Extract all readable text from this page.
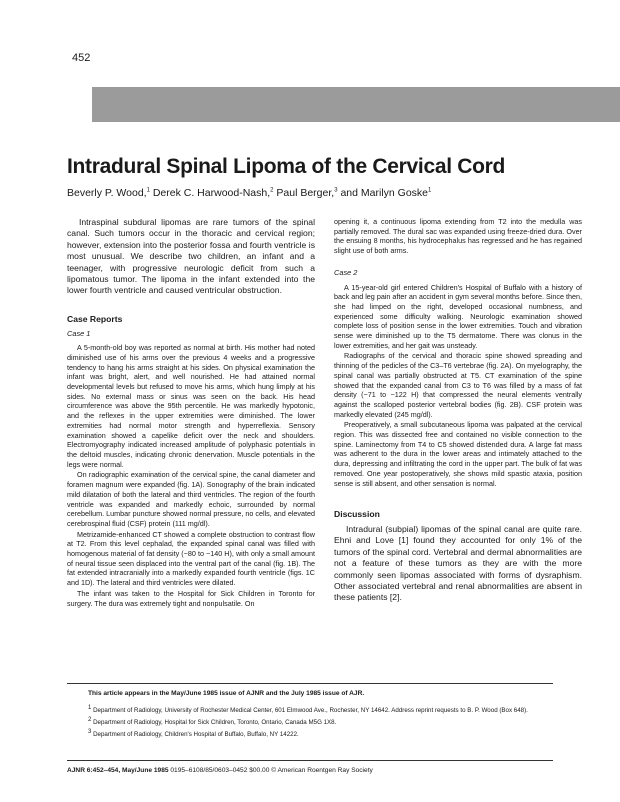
452
Intradural Spinal Lipoma of the Cervical Cord
Beverly P. Wood,$^1$ Derek C. Harwood-Nash,$^2$ Paul Berger,$^3$ and Marilyn Goske$^1$

Intraspinal subdural lipomas are rare tumors of the spinal canal. Such tumors occur in the thoracic and cervical region; however, extension into the posterior fossa and fourth ventricle is most unusual. We describe two children, an infant and a teenager, with progressive neurologic deficit from such a lipomatous tumor. The lipoma in the infant extended into the lower fourth ventricle and caused ventricular obstruction.

Case Reports
Case 1

A 5-month-old boy was reported as normal at birth. His mother had noted diminished use of his arms over the previous 4 weeks and a progressive tendency to hang his arms straight at his sides. On physical examination the infant was bright, alert, and well nourished. He had attained normal developmental levels but refused to move his arms, which hung limply at his sides. No external mass or sinus was seen on the back. His head circumference was above the 95th percentile. He was markedly hypotonic, and the reflexes in the upper extremities were diminished. The lower extremities had normal motor strength and hyperreflexia. Sensory examination showed a capelike deficit over the neck and shoulders. Electromyography indicated increased amplitude of polyphasic potentials in the deltoid muscles, indicating chronic denervation. Muscle potentials in the legs were normal.

On radiographic examination of the cervical spine, the canal diameter and foramen magnum were expanded (fig. 1A). Sonography of the brain indicated mild dilatation of both the lateral and third ventricles. The region of the fourth ventricle was expanded and markedly echoic, surrounded by normal cerebellum. Lumbar puncture showed normal pressure, no cells, and elevated cerebrospinal fluid (CSF) protein (111 mg/dl).

Metrizamide-enhanced CT showed a complete obstruction to contrast flow at T2. From this level cephalad, the expanded spinal canal was filled with homogenous material of fat density (−80 to −140 H), with only a small amount of neural tissue seen displaced into the ventral part of the canal (fig. 1B). The fat extended intracranially into a markedly expanded fourth ventricle (figs. 1C and 1D). The lateral and third ventricles were dilated.

The infant was taken to the Hospital for Sick Children in Toronto for surgery. The dura was extremely tight and nonpulsatile. On

opening it, a continuous lipoma extending from T2 into the medulla was partially removed. The dural sac was expanded using freeze-dried dura. Over the ensuing 8 months, his hydrocephalus has regressed and he has regained slight use of both arms.

Case 2

A 15-year-old girl entered Children's Hospital of Buffalo with a history of back and leg pain after an accident in gym several months before. Since then, she had limped on the right, developed occasional numbness, and experienced some difficulty walking. Neurologic examination showed complete loss of position sense in the lower extremities. Touch and vibration sense were diminished up to the T5 dermatome. There was clonus in the lower extremities, and her gait was unsteady.

Radiographs of the cervical and thoracic spine showed spreading and thinning of the pedicles of the C3–T6 vertebrae (fig. 2A). On myelography, the spinal canal was partially obstructed at T5. CT examination of the spine showed that the expanded canal from C3 to T6 was filled by a mass of fat density (−71 to −122 H) that compressed the neural elements ventrally against the scalloped posterior vertebral bodies (fig. 2B). CSF protein was markedly elevated (245 mg/dl).

Preoperatively, a small subcutaneous lipoma was palpated at the cervical region. This was dissected free and contained no visible connection to the spine. Laminectomy from T4 to C5 showed distended dura. A large fat mass was adherent to the dura in the lower areas and intimately attached to the dura, depressing and infiltrating the cord in the upper part. The bulk of fat was removed. One year postoperatively, she shows mild spastic ataxia, position sense is still absent, and other sensation is normal.

Discussion

Intradural (subpial) lipomas of the spinal canal are quite rare. Ehni and Love [1] found they accounted for only 1% of the tumors of the spinal cord. Vertebral and dermal abnormalities are not a feature of these tumors as they are with the more commonly seen lipomas associated with forms of dysraphism. Other associated vertebral and renal abnormalities are absent in these patients [2].

This article appears in the May/June 1985 issue of AJNR and the July 1985 issue of AJR.

$^1$ Department of Radiology, University of Rochester Medical Center, 601 Elmwood Ave., Rochester, NY 14642. Address reprint requests to B. P. Wood (Box 648).

$^2$ Department of Radiology, Hospital for Sick Children, Toronto, Ontario, Canada M5G 1X8.

$^3$ Department of Radiology, Children's Hospital of Buffalo, Buffalo, NY 14222.

AJNR 6:452–454, May/June 1985 0195–6108/85/0603–0452 $00.00 © American Roentgen Ray Society
